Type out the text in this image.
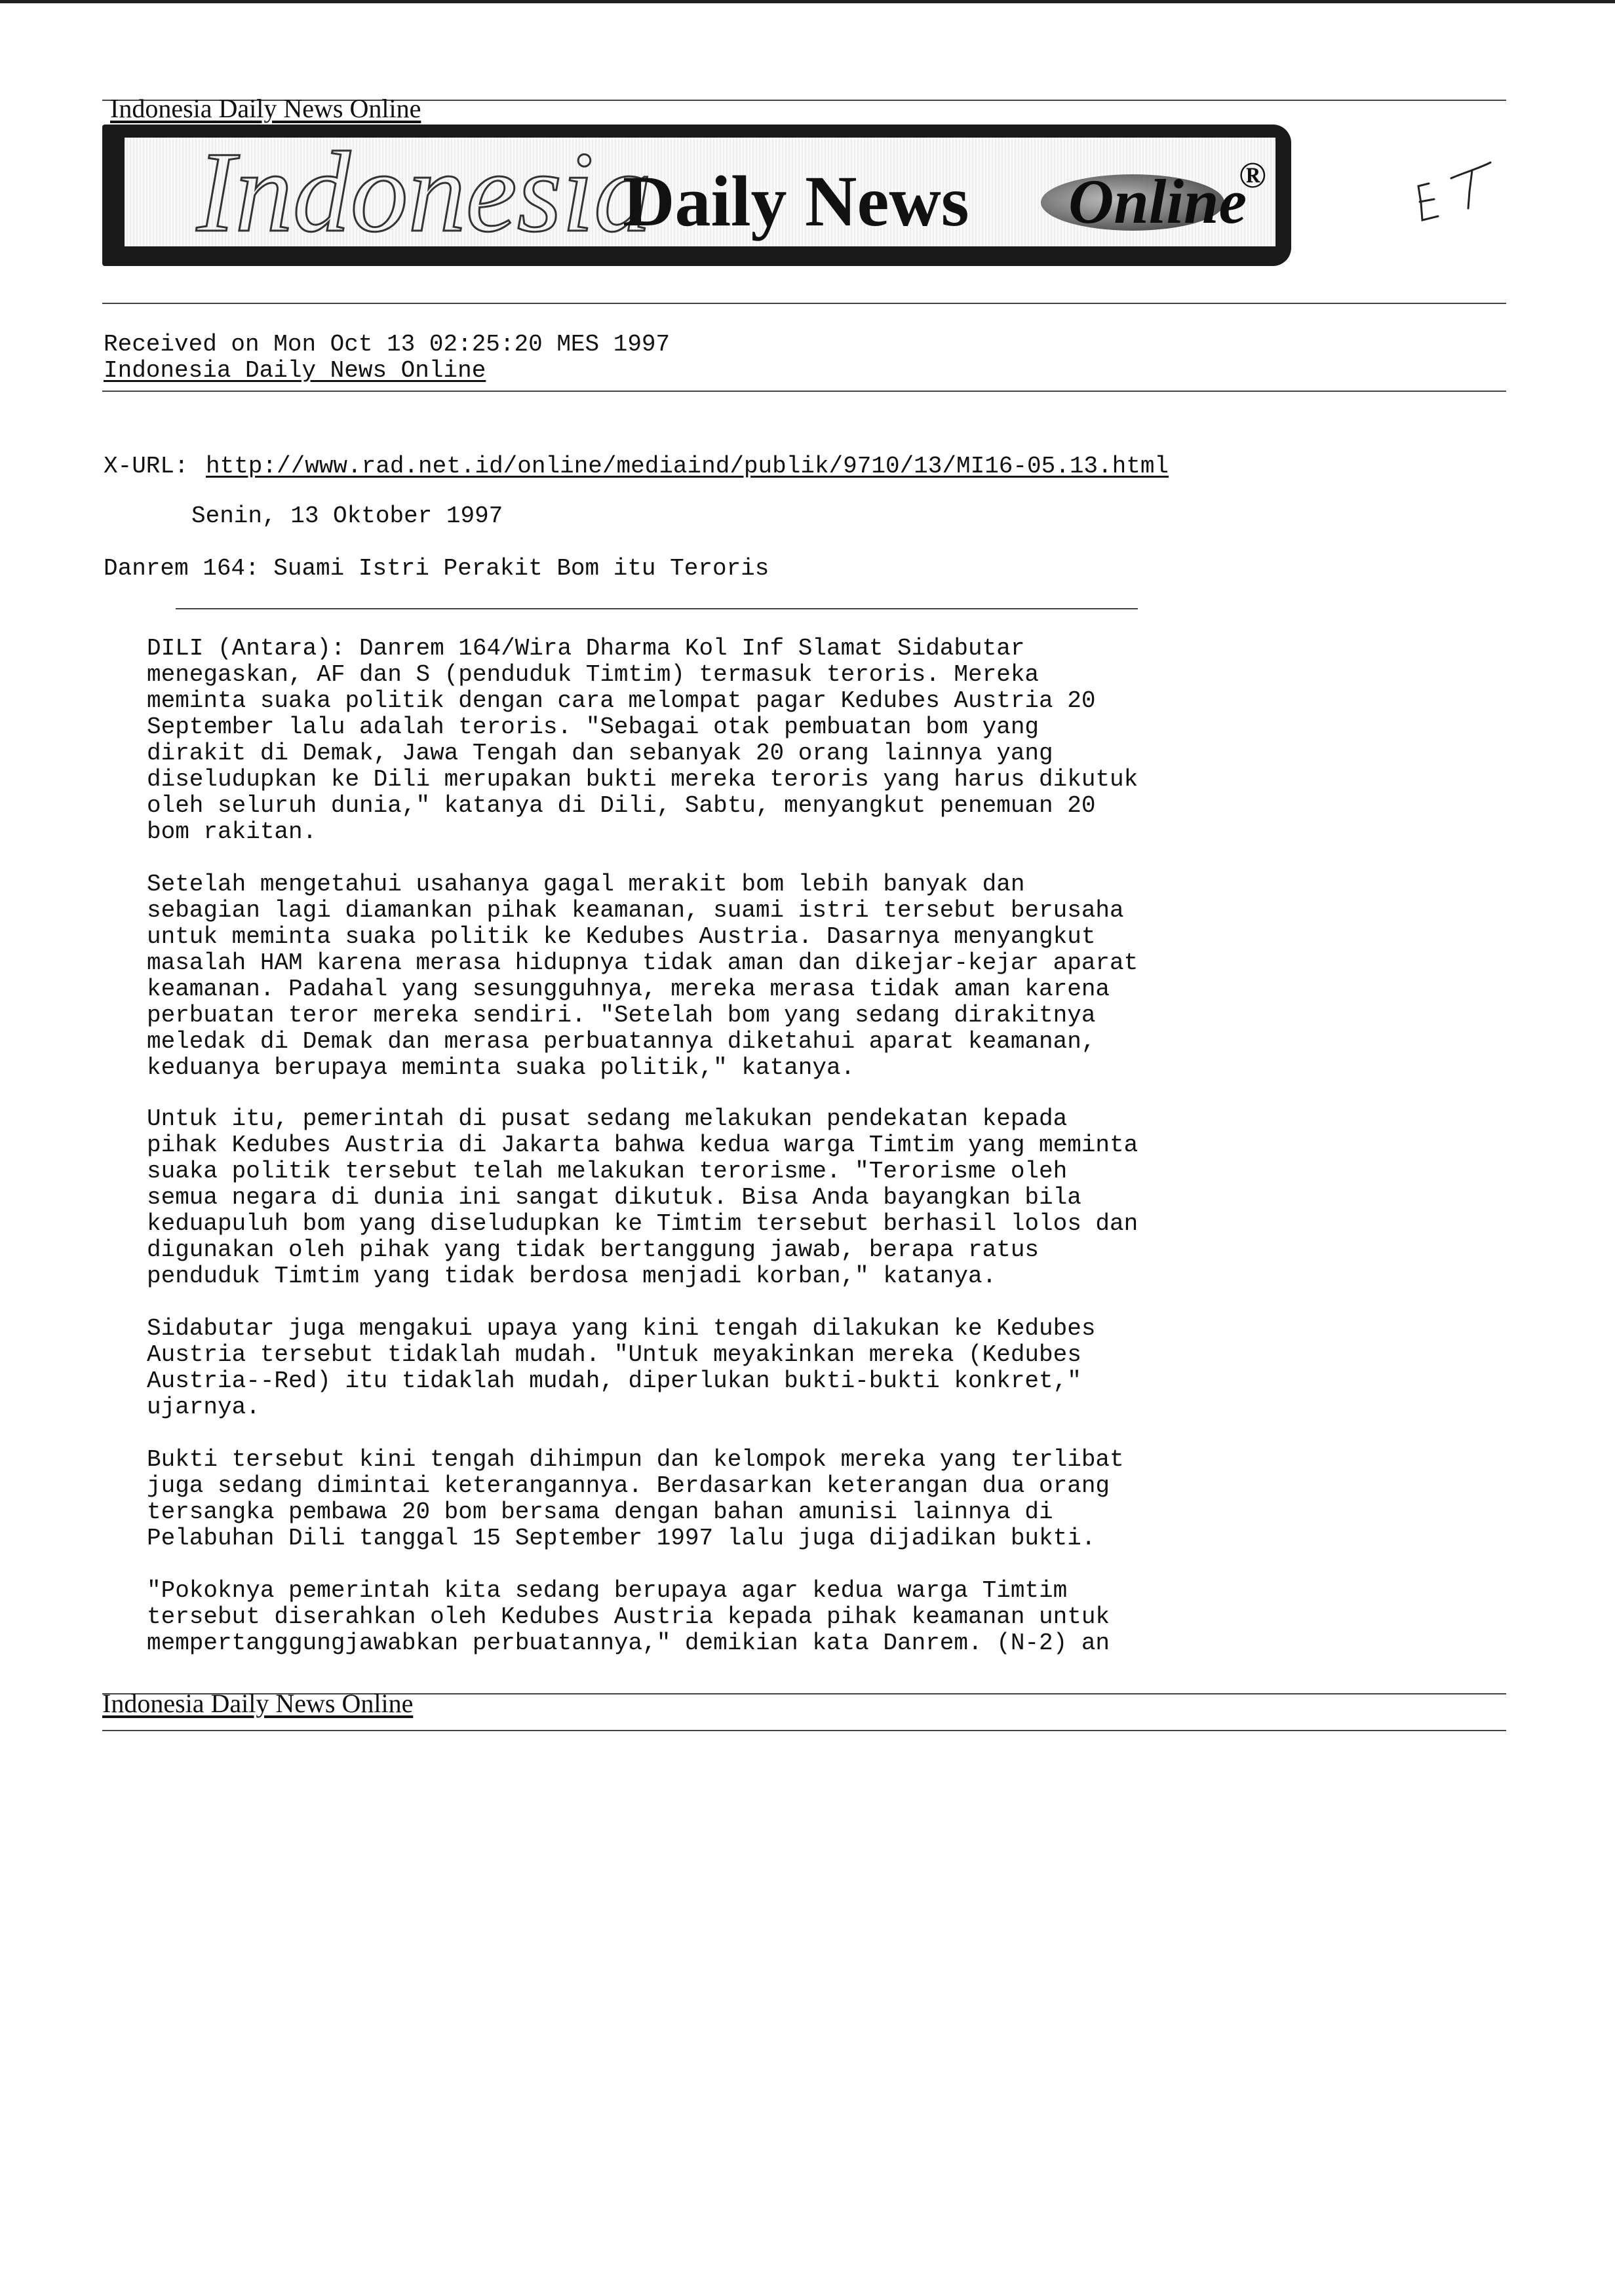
Indonesia Daily News Online
Indonesia
Daily News Online
®
Received on Mon Oct 13 02:25:20 MES 1997
Indonesia Daily News Online
X-URL: http://www.rad.net.id/online/mediaind/publik/9710/13/MI16-05.13.html
Senin, 13 Oktober 1997
Danrem 164: Suami Istri Perakit Bom itu Teroris

DILI (Antara): Danrem 164/Wira Dharma Kol Inf Slamat Sidabutar
menegaskan, AF dan S (penduduk Timtim) termasuk teroris. Mereka
meminta suaka politik dengan cara melompat pagar Kedubes Austria 20
September lalu adalah teroris. "Sebagai otak pembuatan bom yang
dirakit di Demak, Jawa Tengah dan sebanyak 20 orang lainnya yang
diseludupkan ke Dili merupakan bukti mereka teroris yang harus dikutuk
oleh seluruh dunia," katanya di Dili, Sabtu, menyangkut penemuan 20
bom rakitan.

Setelah mengetahui usahanya gagal merakit bom lebih banyak dan
sebagian lagi diamankan pihak keamanan, suami istri tersebut berusaha
untuk meminta suaka politik ke Kedubes Austria. Dasarnya menyangkut
masalah HAM karena merasa hidupnya tidak aman dan dikejar-kejar aparat
keamanan. Padahal yang sesungguhnya, mereka merasa tidak aman karena
perbuatan teror mereka sendiri. "Setelah bom yang sedang dirakitnya
meledak di Demak dan merasa perbuatannya diketahui aparat keamanan,
keduanya berupaya meminta suaka politik," katanya.

Untuk itu, pemerintah di pusat sedang melakukan pendekatan kepada
pihak Kedubes Austria di Jakarta bahwa kedua warga Timtim yang meminta
suaka politik tersebut telah melakukan terorisme. "Terorisme oleh
semua negara di dunia ini sangat dikutuk. Bisa Anda bayangkan bila
keduapuluh bom yang diseludupkan ke Timtim tersebut berhasil lolos dan
digunakan oleh pihak yang tidak bertanggung jawab, berapa ratus
penduduk Timtim yang tidak berdosa menjadi korban," katanya.

Sidabutar juga mengakui upaya yang kini tengah dilakukan ke Kedubes
Austria tersebut tidaklah mudah. "Untuk meyakinkan mereka (Kedubes
Austria--Red) itu tidaklah mudah, diperlukan bukti-bukti konkret,"
ujarnya.

Bukti tersebut kini tengah dihimpun dan kelompok mereka yang terlibat
juga sedang dimintai keterangannya. Berdasarkan keterangan dua orang
tersangka pembawa 20 bom bersama dengan bahan amunisi lainnya di
Pelabuhan Dili tanggal 15 September 1997 lalu juga dijadikan bukti.

"Pokoknya pemerintah kita sedang berupaya agar kedua warga Timtim
tersebut diserahkan oleh Kedubes Austria kepada pihak keamanan untuk
mempertanggungjawabkan perbuatannya," demikian kata Danrem. (N-2) an

Indonesia Daily News Online
